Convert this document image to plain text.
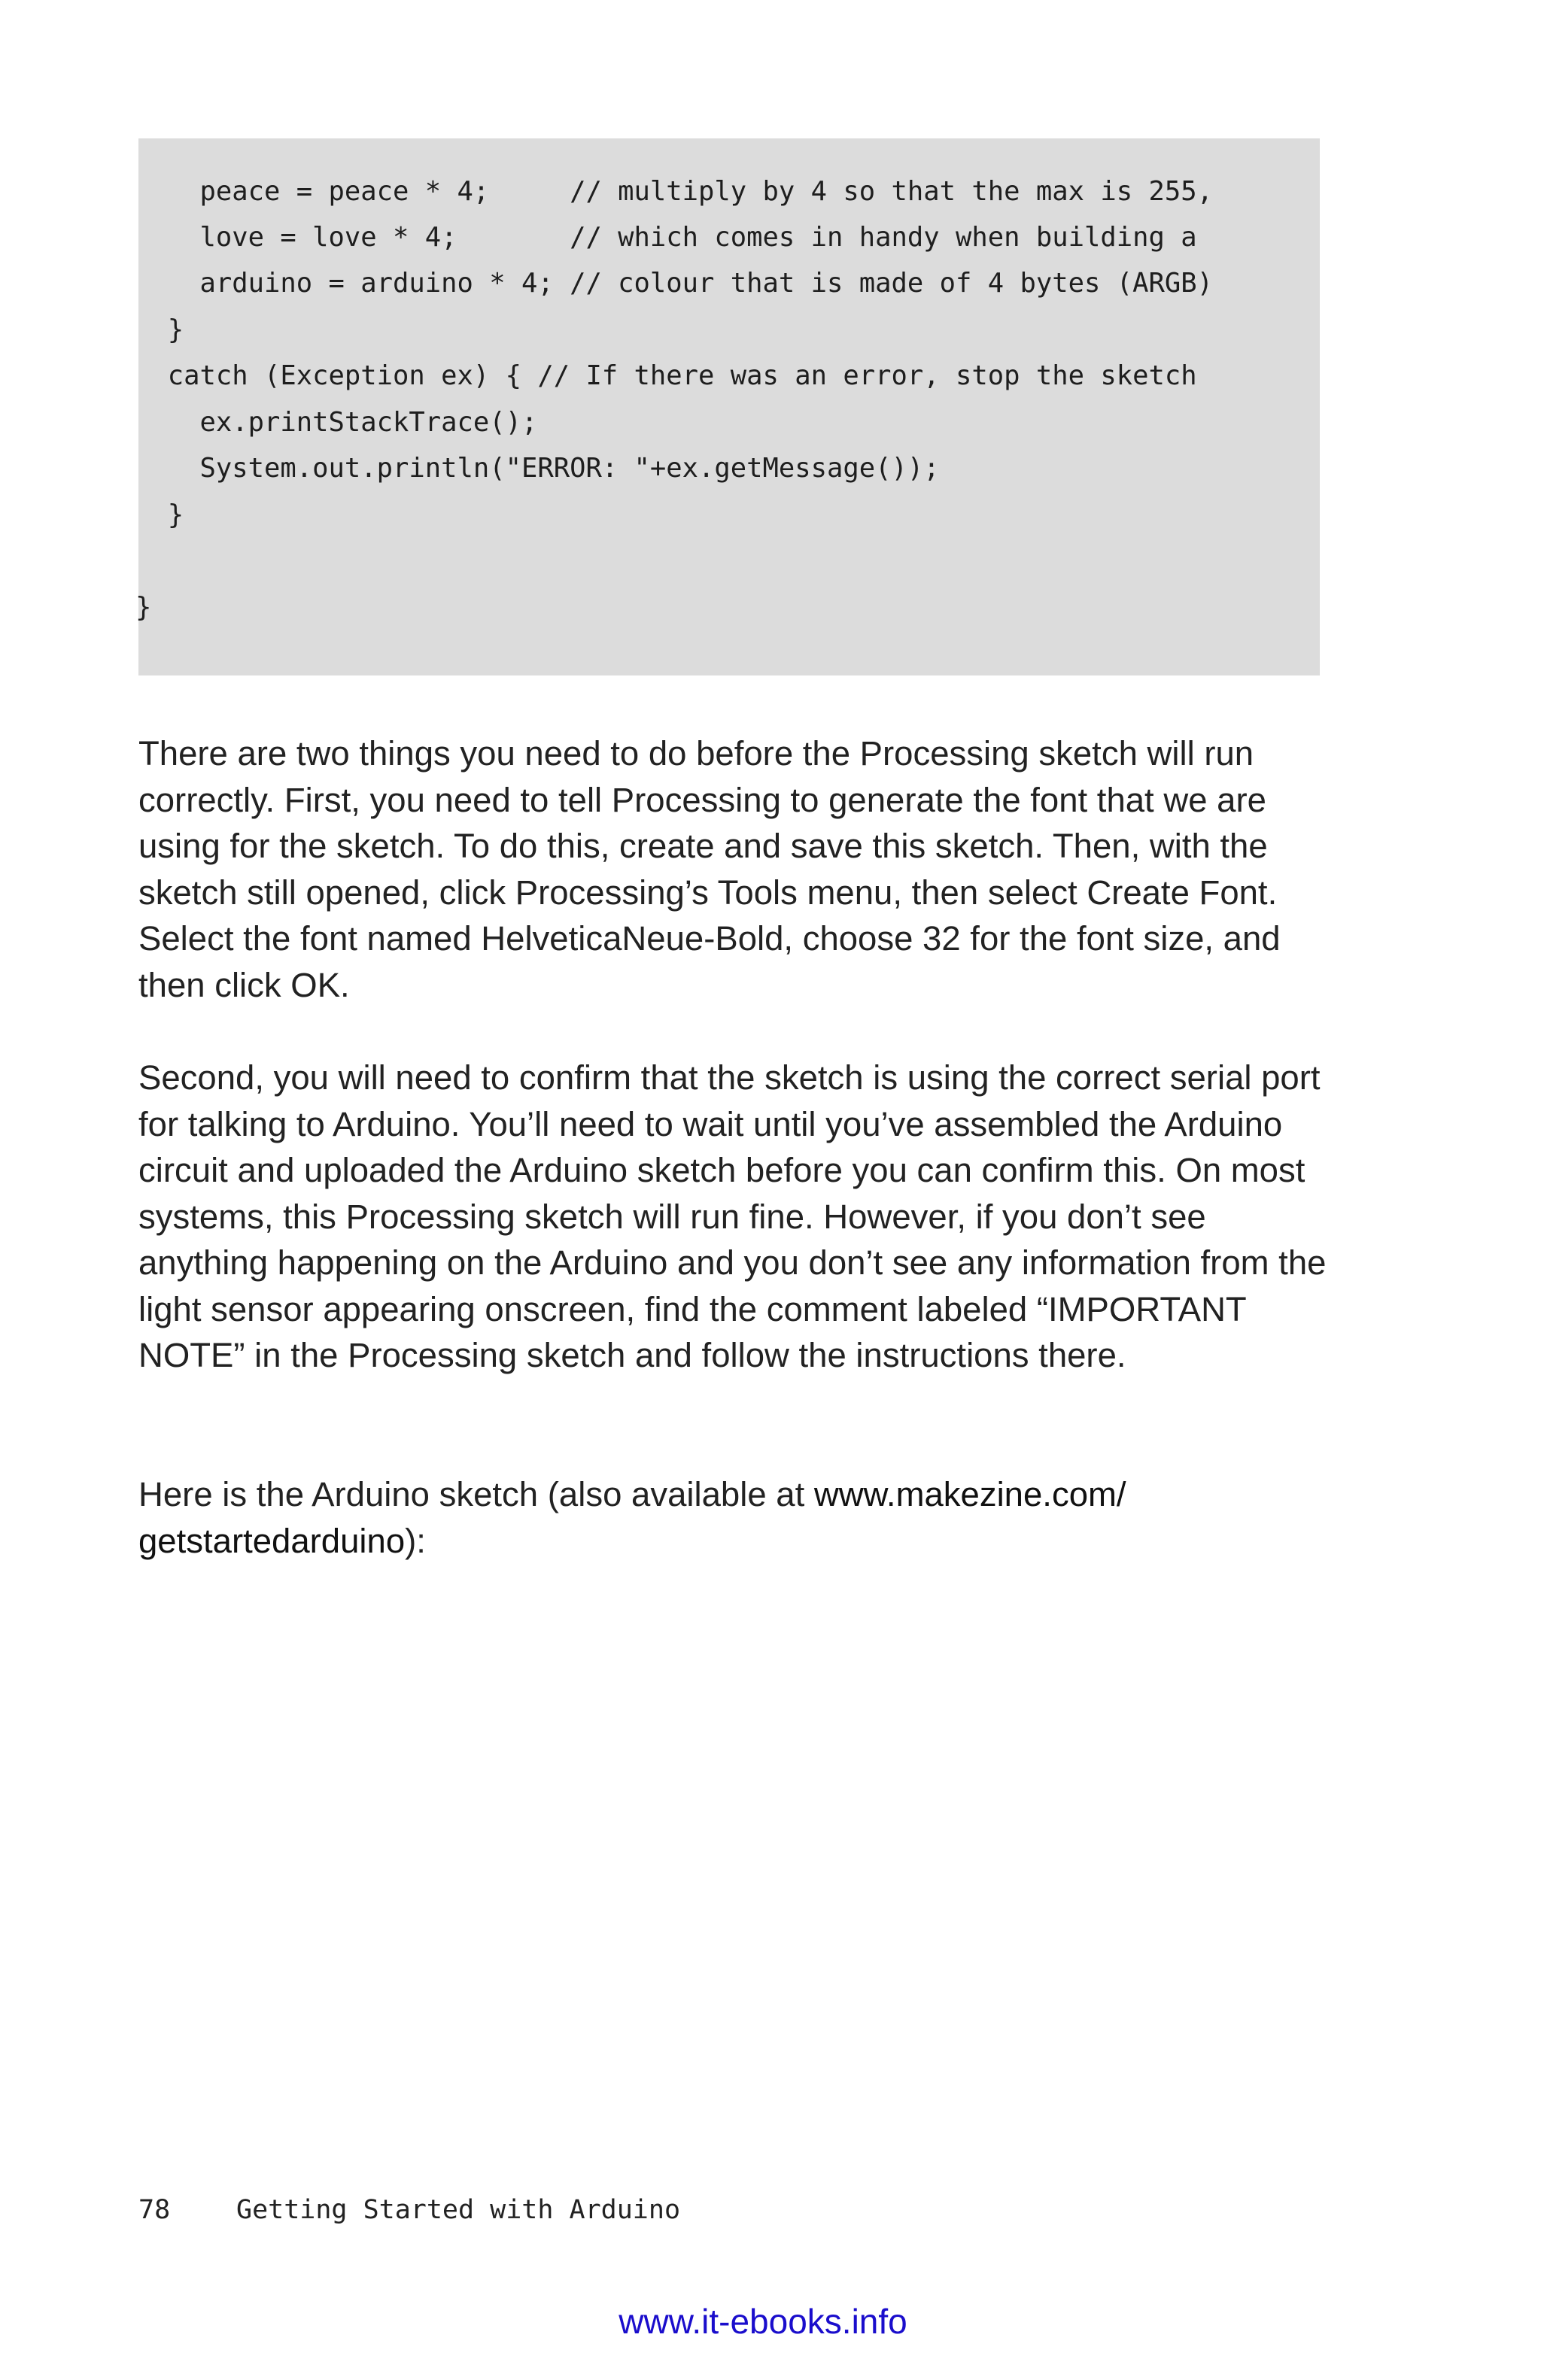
peace = peace * 4;     // multiply by 4 so that the max is 255,
love = love * 4;       // which comes in handy when building a
arduino = arduino * 4; // colour that is made of 4 bytes (ARGB)
}
catch (Exception ex) { // If there was an error, stop the sketch
ex.printStackTrace();
System.out.println("ERROR: "+ex.getMessage());
}
}

There are two things you need to do before the Processing sketch will run correctly. First, you need to tell Processing to generate the font that we are using for the sketch. To do this, create and save this sketch. Then, with the sketch still opened, click Processing’s Tools menu, then select Create Font. Select the font named HelveticaNeue-Bold, choose 32 for the font size, and then click OK.

Second, you will need to confirm that the sketch is using the correct serial port for talking to Arduino. You’ll need to wait until you’ve assembled the Arduino circuit and uploaded the Arduino sketch before you can confirm this. On most systems, this Processing sketch will run fine. However, if you don’t see anything happening on the Arduino and you don’t see any information from the light sensor appearing onscreen, find the comment labeled “IMPORTANT NOTE” in the Processing sketch and follow the instructions there.

Here is the Arduino sketch (also available at www.makezine.com/ getstartedarduino):

78	Getting Started with Arduino
www.it-ebooks.info
